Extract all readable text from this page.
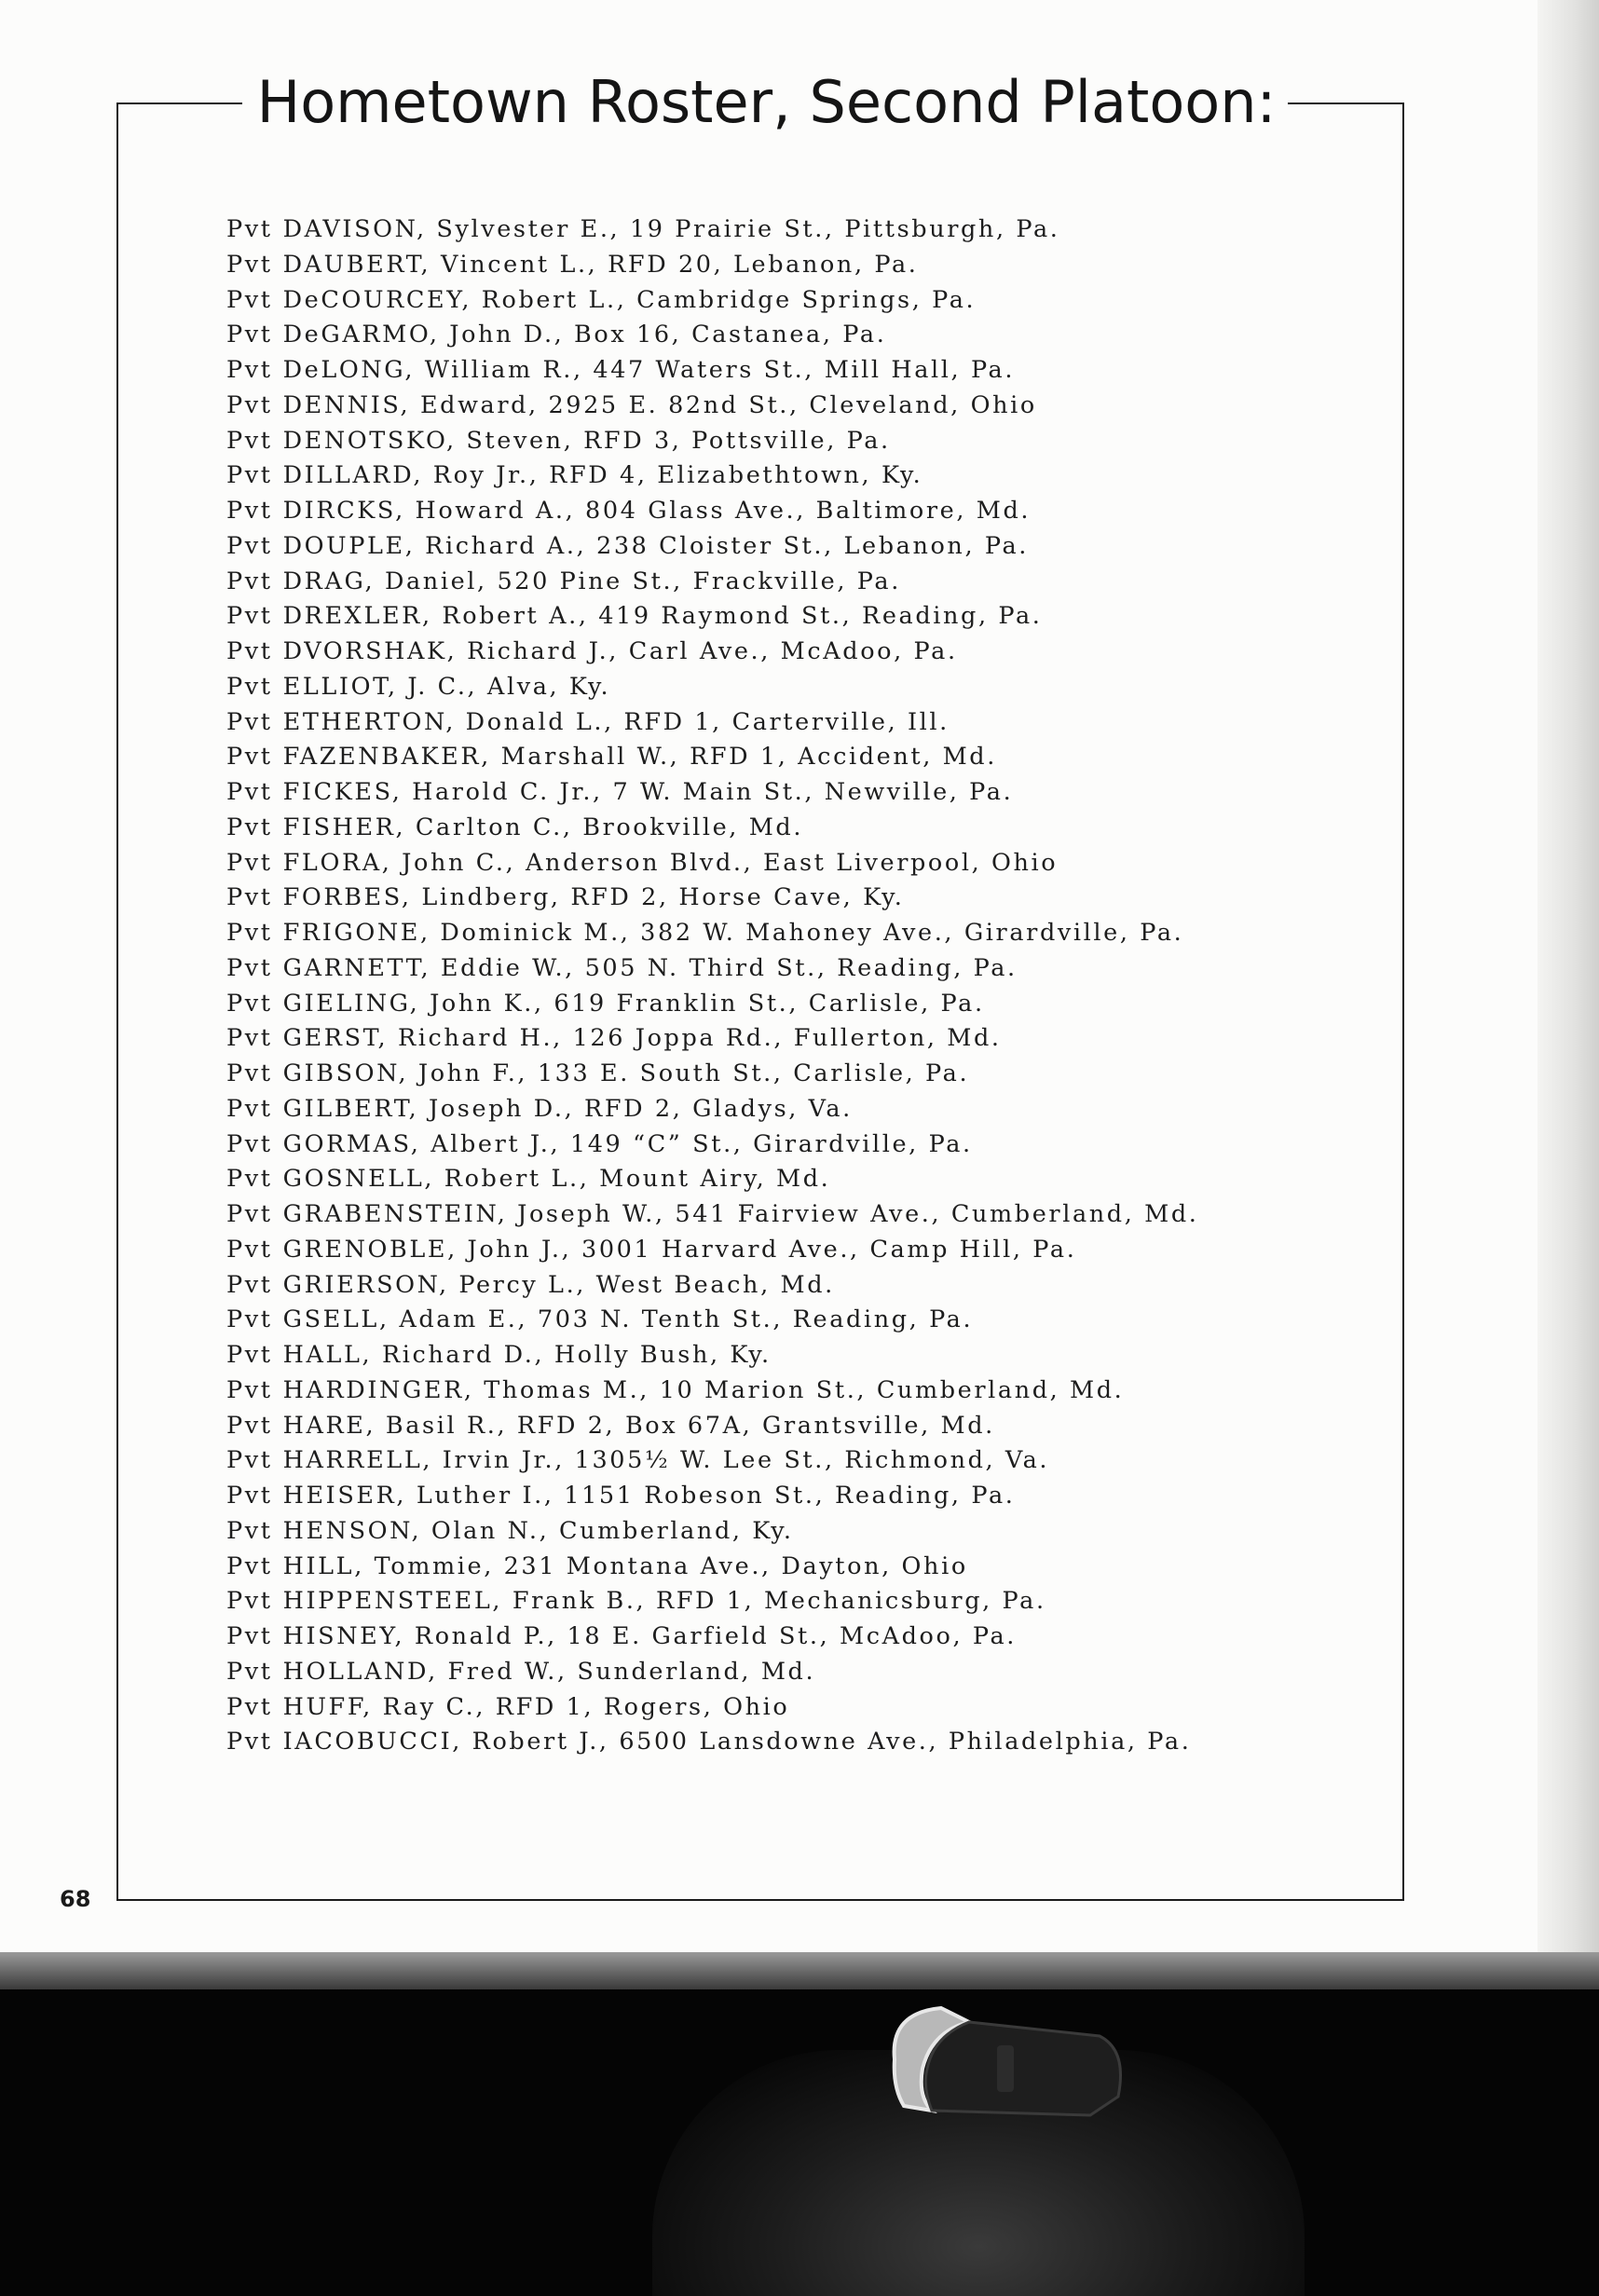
Hometown Roster, Second Platoon:
Pvt DAVISON, Sylvester E., 19 Prairie St., Pittsburgh, Pa.
Pvt DAUBERT, Vincent L., RFD 20, Lebanon, Pa.
Pvt DeCOURCEY, Robert L., Cambridge Springs, Pa.
Pvt DeGARMO, John D., Box 16, Castanea, Pa.
Pvt DeLONG, William R., 447 Waters St., Mill Hall, Pa.
Pvt DENNIS, Edward, 2925 E. 82nd St., Cleveland, Ohio
Pvt DENOTSKO, Steven, RFD 3, Pottsville, Pa.
Pvt DILLARD, Roy Jr., RFD 4, Elizabethtown, Ky.
Pvt DIRCKS, Howard A., 804 Glass Ave., Baltimore, Md.
Pvt DOUPLE, Richard A., 238 Cloister St., Lebanon, Pa.
Pvt DRAG, Daniel, 520 Pine St., Frackville, Pa.
Pvt DREXLER, Robert A., 419 Raymond St., Reading, Pa.
Pvt DVORSHAK, Richard J., Carl Ave., McAdoo, Pa.
Pvt ELLIOT, J. C., Alva, Ky.
Pvt ETHERTON, Donald L., RFD 1, Carterville, Ill.
Pvt FAZENBAKER, Marshall W., RFD 1, Accident, Md.
Pvt FICKES, Harold C. Jr., 7 W. Main St., Newville, Pa.
Pvt FISHER, Carlton C., Brookville, Md.
Pvt FLORA, John C., Anderson Blvd., East Liverpool, Ohio
Pvt FORBES, Lindberg, RFD 2, Horse Cave, Ky.
Pvt FRIGONE, Dominick M., 382 W. Mahoney Ave., Girardville, Pa.
Pvt GARNETT, Eddie W., 505 N. Third St., Reading, Pa.
Pvt GIELING, John K., 619 Franklin St., Carlisle, Pa.
Pvt GERST, Richard H., 126 Joppa Rd., Fullerton, Md.
Pvt GIBSON, John F., 133 E. South St., Carlisle, Pa.
Pvt GILBERT, Joseph D., RFD 2, Gladys, Va.
Pvt GORMAS, Albert J., 149 “C” St., Girardville, Pa.
Pvt GOSNELL, Robert L., Mount Airy, Md.
Pvt GRABENSTEIN, Joseph W., 541 Fairview Ave., Cumberland, Md.
Pvt GRENOBLE, John J., 3001 Harvard Ave., Camp Hill, Pa.
Pvt GRIERSON, Percy L., West Beach, Md.
Pvt GSELL, Adam E., 703 N. Tenth St., Reading, Pa.
Pvt HALL, Richard D., Holly Bush, Ky.
Pvt HARDINGER, Thomas M., 10 Marion St., Cumberland, Md.
Pvt HARE, Basil R., RFD 2, Box 67A, Grantsville, Md.
Pvt HARRELL, Irvin Jr., 1305½ W. Lee St., Richmond, Va.
Pvt HEISER, Luther I., 1151 Robeson St., Reading, Pa.
Pvt HENSON, Olan N., Cumberland, Ky.
Pvt HILL, Tommie, 231 Montana Ave., Dayton, Ohio
Pvt HIPPENSTEEL, Frank B., RFD 1, Mechanicsburg, Pa.
Pvt HISNEY, Ronald P., 18 E. Garfield St., McAdoo, Pa.
Pvt HOLLAND, Fred W., Sunderland, Md.
Pvt HUFF, Ray C., RFD 1, Rogers, Ohio
Pvt IACOBUCCI, Robert J., 6500 Lansdowne Ave., Philadelphia, Pa.
68
